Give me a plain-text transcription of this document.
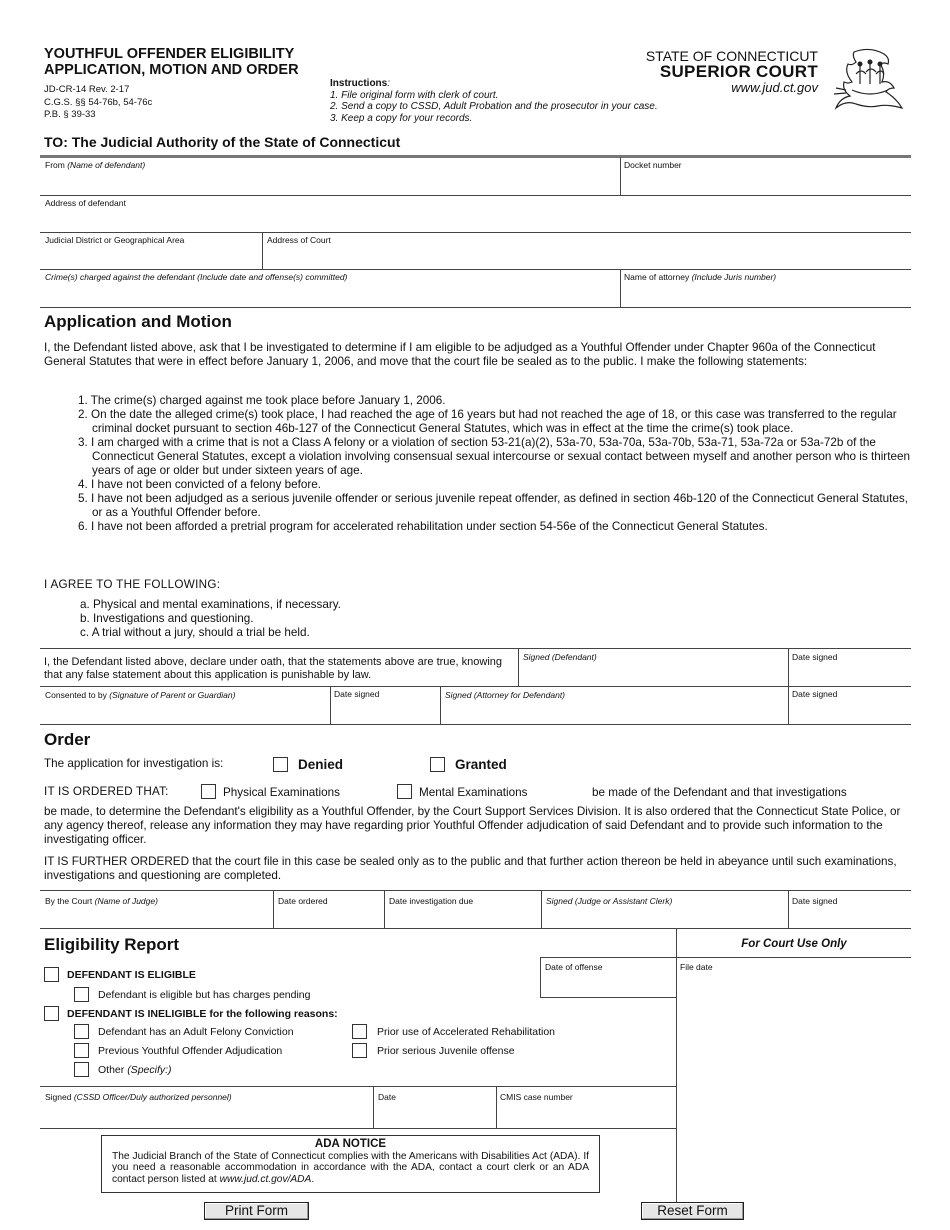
YOUTHFUL OFFENDER ELIGIBILITY
APPLICATION, MOTION AND ORDER
JD-CR-14 Rev. 2-17
C.G.S. §§ 54-76b, 54-76c
P.B. § 39-33
Instructions:
1. File original form with clerk of court.
2. Send a copy to CSSD, Adult Probation and the prosecutor in your case.
3. Keep a copy for your records.
STATE OF CONNECTICUT
SUPERIOR COURT
www.jud.ct.gov
TO: The Judicial Authority of the State of Connecticut
From (Name of defendant)	Docket number
Address of defendant
Judicial District or Geographical Area	Address of Court
Crime(s) charged against the defendant (Include date and offense(s) committed)	Name of attorney (Include Juris number)
Application and Motion
I, the Defendant listed above, ask that I be investigated to determine if I am eligible to be adjudged as a Youthful Offender under Chapter 960a of the Connecticut General Statutes that were in effect before January 1, 2006, and move that the court file be sealed as to the public. I make the following statements:
1. The crime(s) charged against me took place before January 1, 2006.
2. On the date the alleged crime(s) took place, I had reached the age of 16 years but had not reached the age of 18, or this case was transferred to the regular criminal docket pursuant to section 46b-127 of the Connecticut General Statutes, which was in effect at the time the crime(s) took place.
3. I am charged with a crime that is not a Class A felony or a violation of section 53-21(a)(2), 53a-70, 53a-70a, 53a-70b, 53a-71, 53a-72a or 53a-72b of the Connecticut General Statutes, except a violation involving consensual sexual intercourse or sexual contact between myself and another person who is thirteen years of age or older but under sixteen years of age.
4. I have not been convicted of a felony before.
5. I have not been adjudged as a serious juvenile offender or serious juvenile repeat offender, as defined in section 46b-120 of the Connecticut General Statutes, or as a Youthful Offender before.
6. I have not been afforded a pretrial program for accelerated rehabilitation under section 54-56e of the Connecticut General Statutes.
I AGREE TO THE FOLLOWING:
a. Physical and mental examinations, if necessary.
b. Investigations and questioning.
c. A trial without a jury, should a trial be held.
I, the Defendant listed above, declare under oath, that the statements above are true, knowing that any false statement about this application is punishable by law.
Signed (Defendant)	Date signed
Consented to by (Signature of Parent or Guardian)	Date signed	Signed (Attorney for Defendant)	Date signed
Order
The application for investigation is:	Denied	Granted
IT IS ORDERED THAT:	Physical Examinations	Mental Examinations	be made of the Defendant and that investigations
be made, to determine the Defendant's eligibility as a Youthful Offender, by the Court Support Services Division. It is also ordered that the Connecticut State Police, or any agency thereof, release any information they may have regarding prior Youthful Offender adjudication of said Defendant and to provide such information to the investigating officer.
IT IS FURTHER ORDERED that the court file in this case be sealed only as to the public and that further action thereon be held in abeyance until such examinations, investigations and questioning are completed.
By the Court (Name of Judge)	Date ordered	Date investigation due	Signed (Judge or Assistant Clerk)	Date signed
Eligibility Report	For Court Use Only
Date of offense	File date
DEFENDANT IS ELIGIBLE
Defendant is eligible but has charges pending
DEFENDANT IS INELIGIBLE for the following reasons:
Defendant has an Adult Felony Conviction	Prior use of Accelerated Rehabilitation
Previous Youthful Offender Adjudication	Prior serious Juvenile offense
Other (Specify:)
Signed (CSSD Officer/Duly authorized personnel)	Date	CMIS case number
ADA NOTICE
The Judicial Branch of the State of Connecticut complies with the Americans with Disabilities Act (ADA). If you need a reasonable accommodation in accordance with the ADA, contact a court clerk or an ADA contact person listed at www.jud.ct.gov/ADA.
Print Form	Reset Form
